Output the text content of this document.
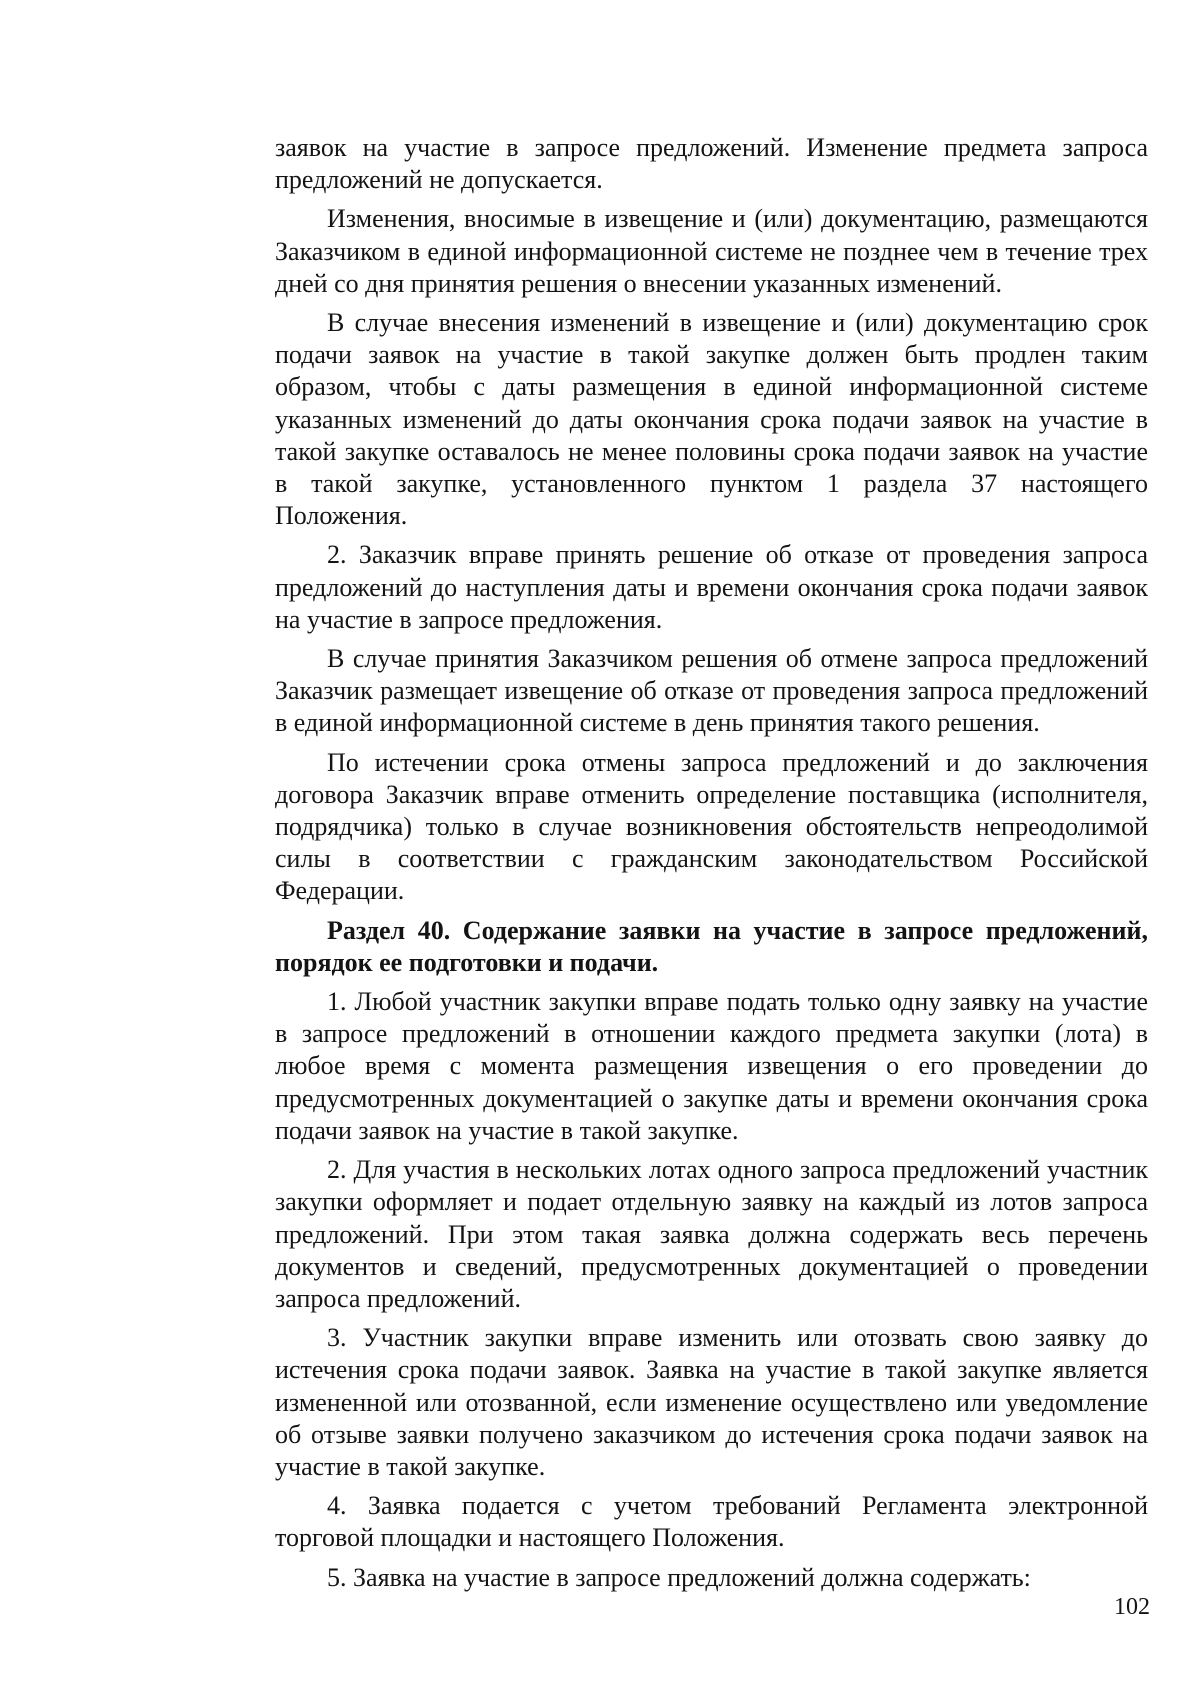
заявок на участие в запросе предложений. Изменение предмета запроса предложений не допускается.

Изменения, вносимые в извещение и (или) документацию, размещаются Заказчиком в единой информационной системе не позднее чем в течение трех дней со дня принятия решения о внесении указанных изменений.

В случае внесения изменений в извещение и (или) документацию срок подачи заявок на участие в такой закупке должен быть продлен таким образом, чтобы с даты размещения в единой информационной системе указанных изменений до даты окончания срока подачи заявок на участие в такой закупке оставалось не менее половины срока подачи заявок на участие в такой закупке, установленного пунктом 1 раздела 37 настоящего Положения.

2. Заказчик вправе принять решение об отказе от проведения запроса предложений до наступления даты и времени окончания срока подачи заявок на участие в запросе предложения.

В случае принятия Заказчиком решения об отмене запроса предложений Заказчик размещает извещение об отказе от проведения запроса предложений в единой информационной системе в день принятия такого решения.

По истечении срока отмены запроса предложений и до заключения договора Заказчик вправе отменить определение поставщика (исполнителя, подрядчика) только в случае возникновения обстоятельств непреодолимой силы в соответствии с гражданским законодательством Российской Федерации.

Раздел 40. Содержание заявки на участие в запросе предложений, порядок ее подготовки и подачи.

1. Любой участник закупки вправе подать только одну заявку на участие в запросе предложений в отношении каждого предмета закупки (лота) в любое время с момента размещения извещения о его проведении до предусмотренных документацией о закупке даты и времени окончания срока подачи заявок на участие в такой закупке.

2. Для участия в нескольких лотах одного запроса предложений участник закупки оформляет и подает отдельную заявку на каждый из лотов запроса предложений. При этом такая заявка должна содержать весь перечень документов и сведений, предусмотренных документацией о проведении запроса предложений.

3. Участник закупки вправе изменить или отозвать свою заявку до истечения срока подачи заявок. Заявка на участие в такой закупке является измененной или отозванной, если изменение осуществлено или уведомление об отзыве заявки получено заказчиком до истечения срока подачи заявок на участие в такой закупке.

4. Заявка подается с учетом требований Регламента электронной торговой площадки и настоящего Положения.

5. Заявка на участие в запросе предложений должна содержать:

102
